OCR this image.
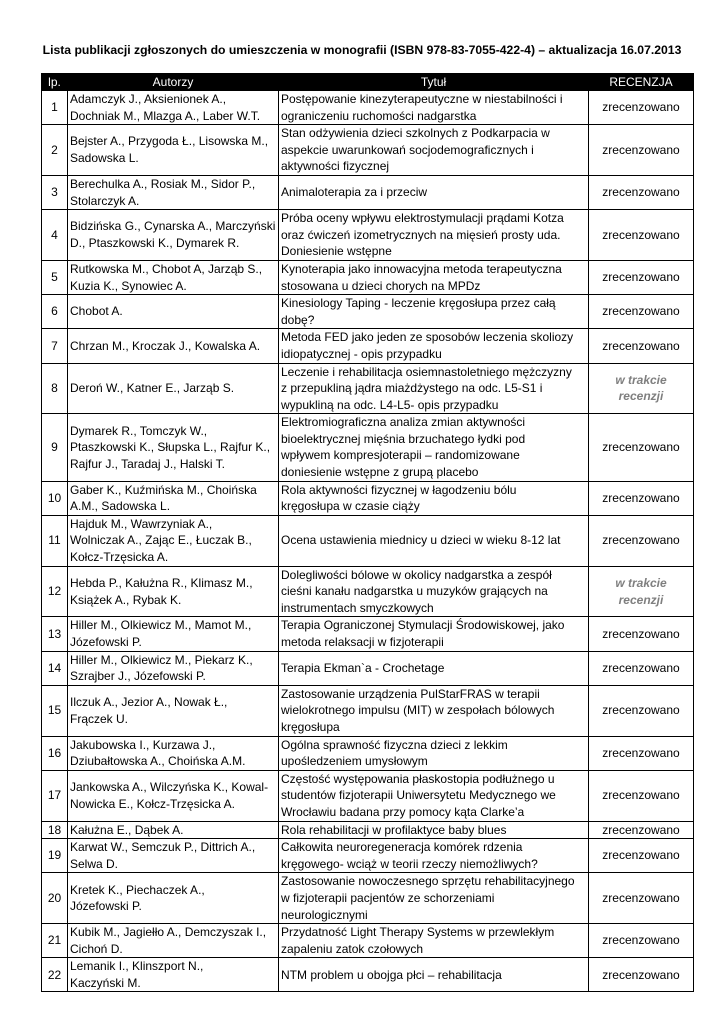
Lista publikacji zgłoszonych do umieszczenia w monografii (ISBN 978-83-7055-422-4) – aktualizacja 16.07.2013
lp.	Autorzy	Tytuł	RECENZJA
1	Adamczyk J., Aksienionek A.,
Dochniak M., Mlazga A., Laber W.T.	Postępowanie kinezyterapeutyczne w niestabilności i
ograniczeniu ruchomości nadgarstka	zrecenzowano
2	Bejster A., Przygoda Ł., Lisowska M.,
Sadowska L.	Stan odżywienia dzieci szkolnych z Podkarpacia w
aspekcie uwarunkowań socjodemograficznych i
aktywności fizycznej	zrecenzowano
3	Berechulka A., Rosiak M., Sidor P.,
Stolarczyk A.	Animaloterapia za i przeciw	zrecenzowano
4	Bidzińska G., Cynarska A., Marczyński
D., Ptaszkowski K., Dymarek R.	Próba oceny wpływu elektrostymulacji prądami Kotza
oraz ćwiczeń izometrycznych na mięsień prosty uda.
Doniesienie wstępne	zrecenzowano
5	Rutkowska M., Chobot A, Jarząb S.,
Kuzia K., Synowiec A.	Kynoterapia jako innowacyjna metoda terapeutyczna
stosowana u dzieci chorych na MPDz	zrecenzowano
6	Chobot A.	Kinesiology Taping - leczenie kręgosłupa przez całą
dobę?	zrecenzowano
7	Chrzan M., Kroczak J., Kowalska A.	Metoda FED jako jeden ze sposobów leczenia skoliozy
idiopatycznej - opis przypadku	zrecenzowano
8	Deroń W., Katner E., Jarząb S.	Leczenie i rehabilitacja osiemnastoletniego mężczyzny
z przepukliną jądra miażdżystego na odc. L5-S1 i
wypukliną na odc. L4-L5- opis przypadku	w trakcie
recenzji
9	Dymarek R., Tomczyk W.,
Ptaszkowski K., Słupska L., Rajfur K.,
Rajfur J., Taradaj J., Halski T.	Elektromiograficzna analiza zmian aktywności
bioelektrycznej mięśnia brzuchatego łydki pod
wpływem kompresjoterapii – randomizowane
doniesienie wstępne z grupą placebo	zrecenzowano
10	Gaber K., Kuźmińska M., Choińska
A.M., Sadowska L.	Rola aktywności fizycznej w łagodzeniu bólu
kręgosłupa w czasie ciąży	zrecenzowano
11	Hajduk M., Wawrzyniak A.,
Wolniczak A., Zając E., Łuczak B.,
Kołcz-Trzęsicka A.	Ocena ustawienia miednicy u dzieci w wieku 8-12 lat	zrecenzowano
12	Hebda P., Kałużna R., Klimasz M.,
Książek A., Rybak K.	Dolegliwości bólowe w okolicy nadgarstka a zespół
cieśni kanału nadgarstka u muzyków grających na
instrumentach smyczkowych	w trakcie
recenzji
13	Hiller M., Olkiewicz M., Mamot M.,
Józefowski P.	Terapia Ograniczonej Stymulacji Środowiskowej, jako
metoda relaksacji w fizjoterapii	zrecenzowano
14	Hiller M., Olkiewicz M., Piekarz K.,
Szrajber J., Józefowski P.	Terapia Ekman`a - Crochetage	zrecenzowano
15	Ilczuk A., Jezior A., Nowak Ł.,
Frączek U.	Zastosowanie urządzenia PulStarFRAS w terapii
wielokrotnego impulsu (MIT) w zespołach bólowych
kręgosłupa	zrecenzowano
16	Jakubowska I., Kurzawa J.,
Dziubałtowska A., Choińska A.M.	Ogólna sprawność fizyczna dzieci z lekkim
upośledzeniem umysłowym	zrecenzowano
17	Jankowska A., Wilczyńska K., Kowal-
Nowicka E., Kołcz-Trzęsicka A.	Częstość występowania płaskostopia podłużnego u
studentów fizjoterapii Uniwersytetu Medycznego we
Wrocławiu badana przy pomocy kąta Clarke’a	zrecenzowano
18	Kałużna E., Dąbek A.	Rola rehabilitacji w profilaktyce baby blues	zrecenzowano
19	Karwat W., Semczuk P., Dittrich A.,
Selwa D.	Całkowita neuroregeneracja komórek rdzenia
kręgowego- wciąż w teorii rzeczy niemożliwych?	zrecenzowano
20	Kretek K., Piechaczek A.,
Józefowski P.	Zastosowanie nowoczesnego sprzętu rehabilitacyjnego
w fizjoterapii pacjentów ze schorzeniami
neurologicznymi	zrecenzowano
21	Kubik M., Jagiełło A., Demczyszak I.,
Cichoń D.	Przydatność Light Therapy Systems w przewlekłym
zapaleniu zatok czołowych	zrecenzowano
22	Lemanik I., Klinszport N.,
Kaczyński M.	NTM problem u obojga płci – rehabilitacja	zrecenzowano
